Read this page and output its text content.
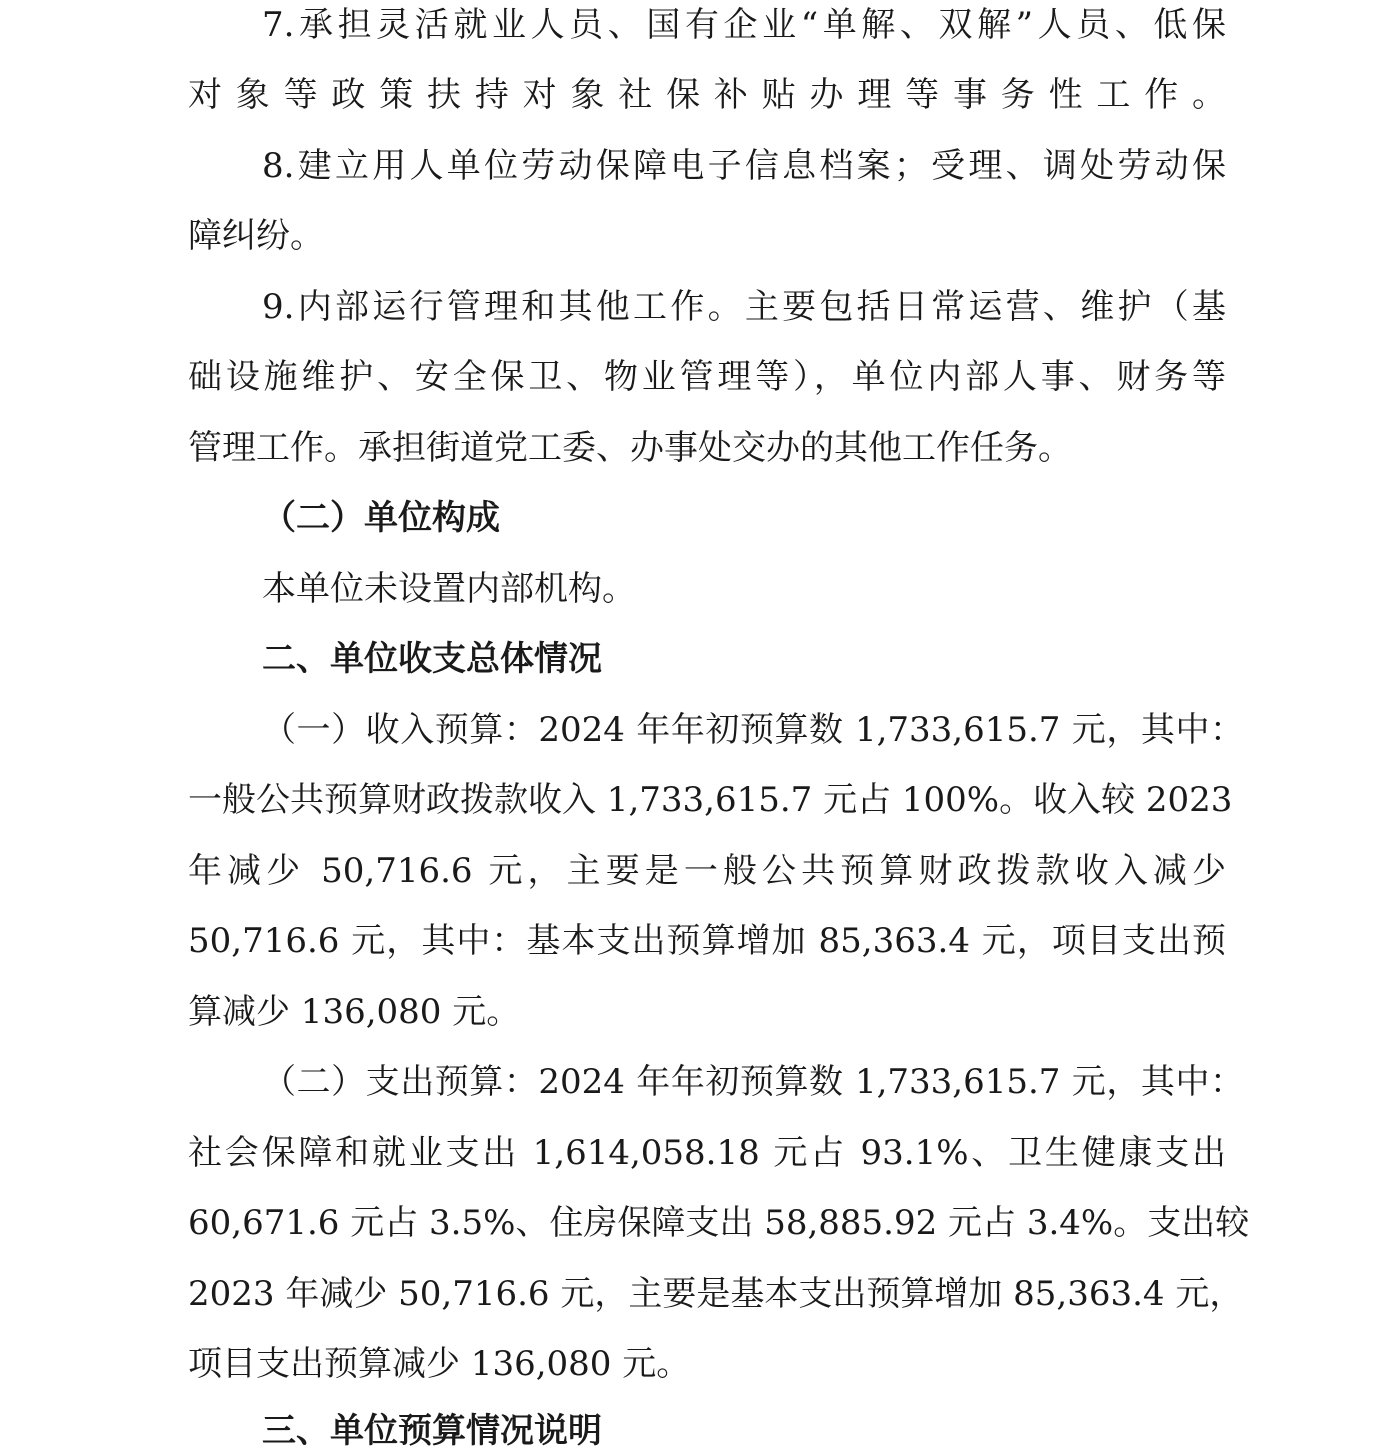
7.承担灵活就业人员、国有企业“单解、双解”人员、低保
对象等政策扶持对象社保补贴办理等事务性工作。
8.建立用人单位劳动保障电子信息档案；受理、调处劳动保
障纠纷。
9.内部运行管理和其他工作。主要包括日常运营、维护（基
础设施维护、安全保卫、物业管理等），单位内部人事、财务等
管理工作。承担街道党工委、办事处交办的其他工作任务。
（二）单位构成
本单位未设置内部机构。
二、单位收支总体情况
（一）收入预算：2024 年年初预算数 1,733,615.7 元，其中：
一般公共预算财政拨款收入 1,733,615.7 元占 100%。收入较 2023
年减少 50,716.6 元，主要是一般公共预算财政拨款收入减少
50,716.6 元，其中：基本支出预算增加 85,363.4 元，项目支出预
算减少 136,080 元。
（二）支出预算：2024 年年初预算数 1,733,615.7 元，其中：
社会保障和就业支出 1,614,058.18 元占 93.1%、卫生健康支出
60,671.6 元占 3.5%、住房保障支出 58,885.92 元占 3.4%。支出较
2023 年减少 50,716.6 元，主要是基本支出预算增加 85,363.4 元，
项目支出预算减少 136,080 元。
三、单位预算情况说明
